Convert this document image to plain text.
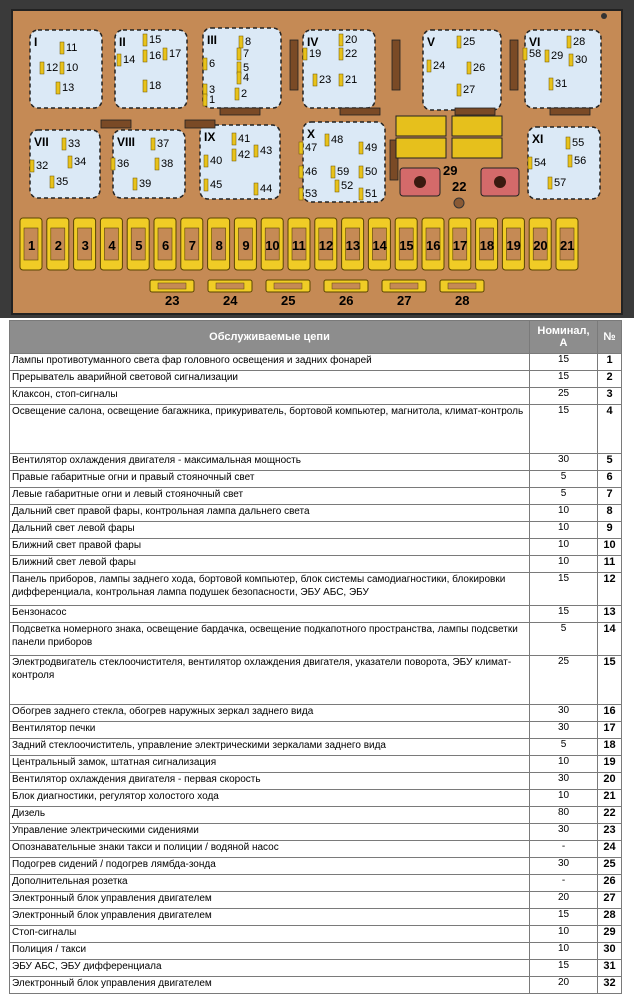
I	11
10
12
13
II 15
14 16 17
18
III	8
7
6	5
4
3 2
1
IV 20
19 22
21
23
V	25
24	26
27
VI	28
58 29 30
31
VII 33
34
32
35
VIII 37
38
36
39
IX 41
43
40 42
45	44
X 48
47	49
46 59 50
52
53	51
XI	55
56
54
57
1 2 3 4 5 6 7 8 9 10 11 12 13 14 15 16 17 18 19 20 21
23	24	25	26	27	28
29
22
Обслуживаемые цепи	Номинал, А	№
Лампы противотуманного света фар головного освещения и задних фонарей	15	1
Прерыватель аварийной световой сигнализации	15	2
Клаксон, стоп-сигналы	25	3
Освещение салона, освещение багажника, прикуриватель, бортовой компьютер, магнитола, климат-контроль	15	4
Вентилятор охлаждения двигателя - максимальная мощность	30	5
Правые габаритные огни и правый стояночный свет	5	6
Левые габаритные огни и левый стояночный свет	5	7
Дальний свет правой фары, контрольная лампа дальнего света	10	8
Дальний свет левой фары	10	9
Ближний свет правой фары	10	10
Ближний свет левой фары	10	11
Панель приборов, лампы заднего хода, бортовой компьютер, блок системы самодиагностики, блокировки дифференциала, контрольная лампа подушек безопасности, ЭБУ АБС, ЭБУ	15	12
Бензонасос	15	13
Подсветка номерного знака, освещение бардачка, освещение подкапотного пространства, лампы подсветки панели приборов	5	14
Электродвигатель стеклоочистителя, вентилятор охлаждения двигателя, указатели поворота, ЭБУ климат-контроля	25	15
Обогрев заднего стекла, обогрев наружных зеркал заднего вида	30	16
Вентилятор печки	30	17
Задний стеклоочиститель, управление электрическими зеркалами заднего вида	5	18
Центральный замок, штатная сигнализация	10	19
Вентилятор охлаждения двигателя - первая скорость	30	20
Блок диагностики, регулятор холостого хода	10	21
Дизель	80	22
Управление электрическими сидениями	30	23
Опознавательные знаки такси и полиции / водяной насос	-	24
Подогрев сидений / подогрев лямбда-зонда	30	25
Дополнительная розетка	-	26
Электронный блок управления двигателем	20	27
Электронный блок управления двигателем	15	28
Стоп-сигналы	10	29
Полиция / такси	10	30
ЭБУ АБС, ЭБУ дифференциала	15	31
Электронный блок управления двигателем	20	32
